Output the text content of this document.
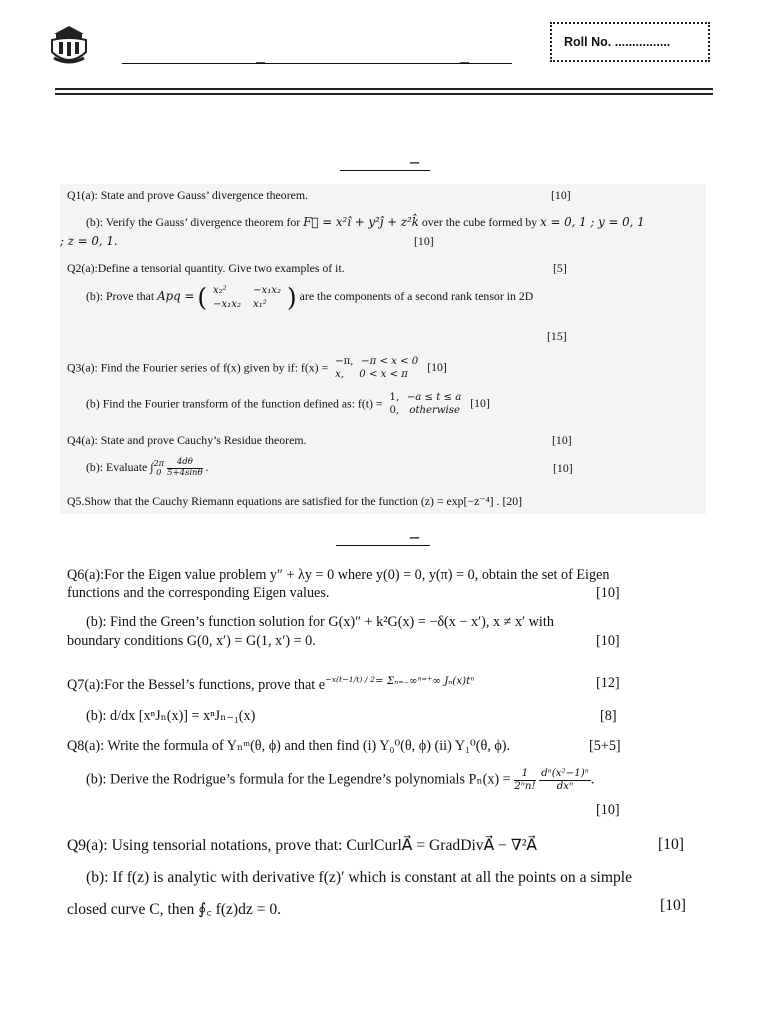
–	–
Roll No. ................
–
Q1(a): State and prove Gauss’ divergence theorem.	[10]
(b): Verify the Gauss’ divergence theorem for F⃗ = x²î + y²ĵ + z²k̂ over the cube formed by x = 0, 1 ; y = 0, 1
; z = 0, 1.	[10]
Q2(a):Define a tensorial quantity. Give two examples of it.	[5]
(b): Prove that Apq = ( x₂²	−x₁x₂
−x₁x₂	x₁² ) are the components of a second rank tensor in 2D
[15]
Q3(a): Find the Fourier series of f(x) given by if: f(x) = −π, −π < x < 0
x, 0 < x < π	[10]
(b) Find the Fourier transform of the function defined as: f(t) = 1, −a ≤ t ≤ a
0, otherwise [10]
Q4(a): State and prove Cauchy’s Residue theorem.	[10]
(b): Evaluate ∫ 2π
0
$\frac{4d\theta}{5+4\sin\theta}$ .	[10]
Q5.Show that the Cauchy Riemann equations are satisfied for the function (z) = exp[−z⁻⁴] . [20]
–
Q6(a):For the Eigen value problem y″ + λy = 0 where y(0) = 0, y(π) = 0, obtain the set of Eigen
functions and the corresponding Eigen values.	[10]
(b): Find the Green’s function solution for G(x)″ + k²G(x) = −δ(x − x′), x ≠ x′ with
boundary conditions G(0, x′) = G(1, x′) = 0.	[10]
Q7(a):For the Bessel’s functions, prove that $e^{-x(t-1/t) / 2= \Sigma_{n=-}\infty^{n=+}\infty J_n(x)t^n}$	[12]
(b): d/dx [xⁿJₙ(x)] = xⁿJₙ₋₁(x)	[8]
Q8(a): Write the formula of Yₙᵐ(θ, ϕ) and then find (i) Y₀⁰(θ, ϕ) (ii) Y₁⁰(θ, ϕ).	[5+5]
(b): Derive the Rodrigue’s formula for the Legendre’s polynomials $P_n(x) = \frac{1}{\text{2ⁿn!}}$
$\frac{\text{dⁿ(x²−1)ⁿ}}{\text{dxⁿ}}$ .
[10]
Q9(a): Using tensorial notations, prove that: CurlCurlA⃗ = GradDivA⃗ − ∇²A⃗	[10]
(b): If f(z) is analytic with derivative f(z)′ which is constant at all the points on a simple
closed curve C, then ∮꜀ f(z)dz = 0.	[10]
